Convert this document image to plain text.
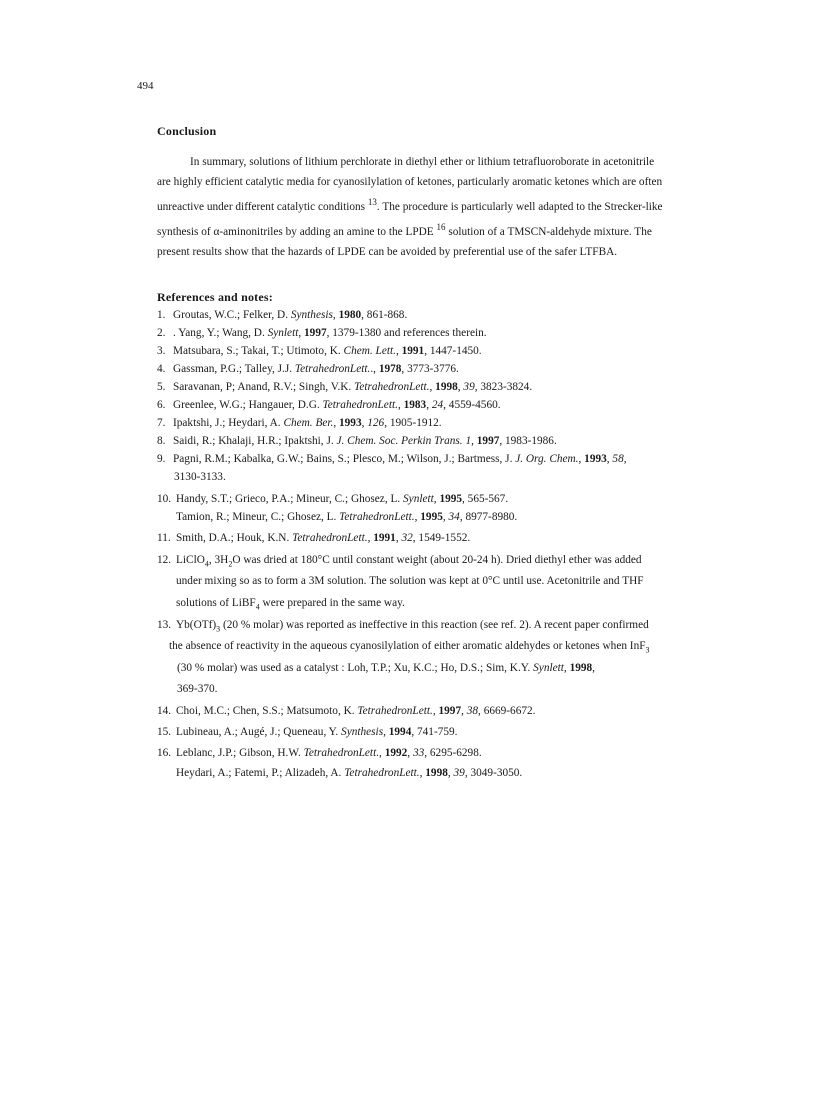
494
Conclusion
In summary, solutions of lithium perchlorate in diethyl ether or lithium tetrafluoroborate in acetonitrile
are highly efficient catalytic media for cyanosilylation of ketones, particularly aromatic ketones which are often
unreactive under different catalytic conditions $^{13}$. The procedure is particularly well adapted to the Strecker-like
synthesis of α-aminonitriles by adding an amine to the LPDE $^{16}$ solution of a TMSCN-aldehyde mixture. The
present results show that the hazards of LPDE can be avoided by preferential use of the safer LTFBA.
References and notes:
1. Groutas, W.C.; Felker, D. Synthesis, 1980, 861-868.
2. . Yang, Y.; Wang, D. Synlett, 1997, 1379-1380 and references therein.
3. Matsubara, S.; Takai, T.; Utimoto, K. Chem. Lett., 1991, 1447-1450.
4. Gassman, P.G.; Talley, J.J. TetrahedronLett.., 1978, 3773-3776.
5. Saravanan, P; Anand, R.V.; Singh, V.K. TetrahedronLett., 1998, 39, 3823-3824.
6. Greenlee, W.G.; Hangauer, D.G. TetrahedronLett., 1983, 24, 4559-4560.
7. Ipaktshi, J.; Heydari, A. Chem. Ber., 1993, 126, 1905-1912.
8. Saidi, R.; Khalaji, H.R.; Ipaktshi, J. J. Chem. Soc. Perkin Trans. 1, 1997, 1983-1986.
9. Pagni, R.M.; Kabalka, G.W.; Bains, S.; Plesco, M.; Wilson, J.; Bartmess, J. J. Org. Chem., 1993, 58,
3130-3133.
10. Handy, S.T.; Grieco, P.A.; Mineur, C.; Ghosez, L. Synlett, 1995, 565-567.
Tamion, R.; Mineur, C.; Ghosez, L. TetrahedronLett., 1995, 34, 8977-8980.
11. Smith, D.A.; Houk, K.N. TetrahedronLett., 1991, 32, 1549-1552.
12. LiClO$_4$, $3H_2O$ was dried at 180°C until constant weight (about 20-24 h). Dried diethyl ether was added
under mixing so as to form a 3M solution. The solution was kept at 0°C until use. Acetonitrile and THF
solutions of LiBF$_4$ were prepared in the same way.
13. $Yb(OTf)_3$ (20 % molar) was reported as ineffective in this reaction (see ref. 2). A recent paper confirmed
the absence of reactivity in the aqueous cyanosilylation of either aromatic aldehydes or ketones when InF$_3$
(30 % molar) was used as a catalyst : Loh, T.P.; Xu, K.C.; Ho, D.S.; Sim, K.Y. Synlett, 1998,
369-370.
14. Choi, M.C.; Chen, S.S.; Matsumoto, K. TetrahedronLett., 1997, 38, 6669-6672.
15. Lubineau, A.; Augé, J.; Queneau, Y. Synthesis, 1994, 741-759.
16. Leblanc, J.P.; Gibson, H.W. TetrahedronLett., 1992, 33, 6295-6298.
Heydari, A.; Fatemi, P.; Alizadeh, A. TetrahedronLett., 1998, 39, 3049-3050.
